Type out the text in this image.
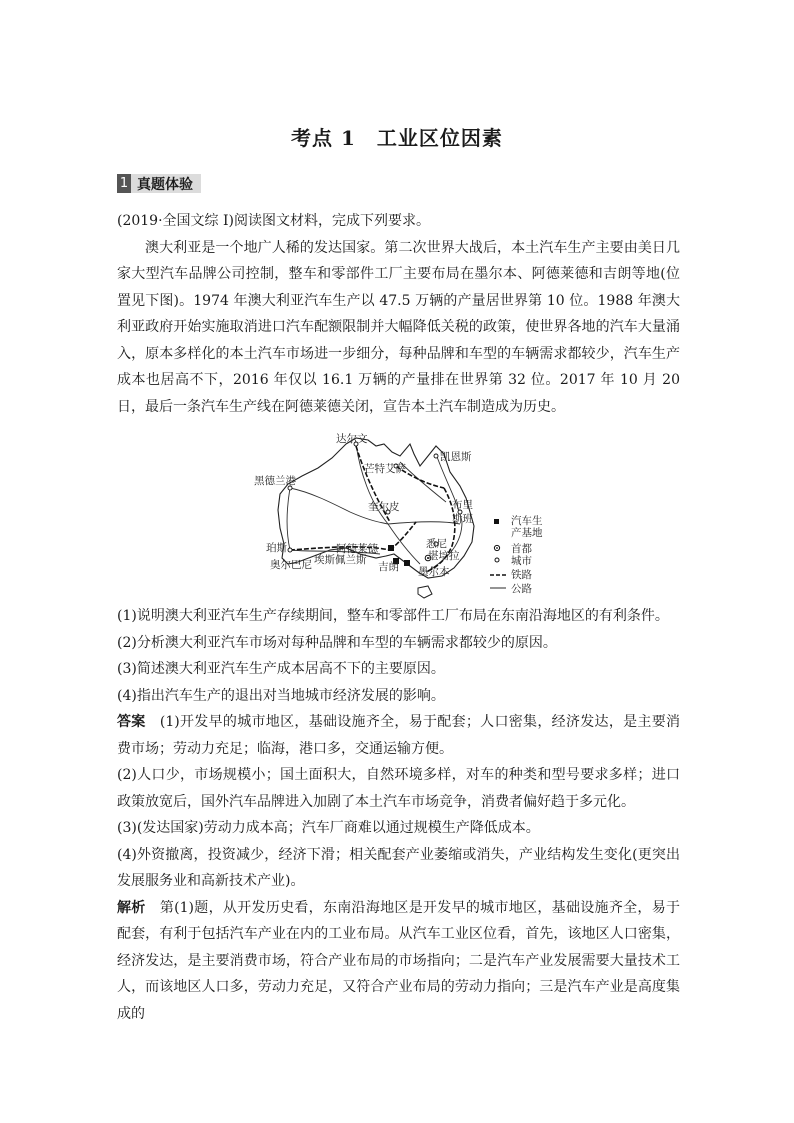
考点 1　工业区位因素
1 真题体验

(2019·全国文综 Ⅰ)阅读图文材料，完成下列要求。

澳大利亚是一个地广人稀的发达国家。第二次世界大战后，本土汽车生产主要由美日几家大型汽车品牌公司控制，整车和零部件工厂主要布局在墨尔本、阿德莱德和吉朗等地(位置见下图)。1974 年澳大利亚汽车生产以 47.5 万辆的产量居世界第 10 位。1988 年澳大利亚政府开始实施取消进口汽车配额限制并大幅降低关税的政策，使世界各地的汽车大量涌入，原本多样化的本土汽车市场进一步细分，每种品牌和车型的车辆需求都较少，汽车生产成本也居高不下，2016 年仅以 16.1 万辆的产量排在世界第 32 位。2017 年 10 月 20 日，最后一条汽车生产线在阿德莱德关闭，宣告本土汽车制造成为历史。

达尔文
黑德兰港
凯恩斯
芒特艾萨
奎尔皮	布里
斯班
珀斯
奥尔巴尼 埃斯佩兰斯
阿德莱德	悉尼
堪培拉
吉朗 墨尔本
汽车生
产基地
首都
城市
铁路
公路

(1)说明澳大利亚汽车生产存续期间，整车和零部件工厂布局在东南沿海地区的有利条件。

(2)分析澳大利亚汽车市场对每种品牌和车型的车辆需求都较少的原因。

(3)简述澳大利亚汽车生产成本居高不下的主要原因。

(4)指出汽车生产的退出对当地城市经济发展的影响。

答案　 (1)开发早的城市地区，基础设施齐全，易于配套；人口密集，经济发达，是主要消费市场；劳动力充足；临海，港口多，交通运输方便。

(2)人口少，市场规模小；国土面积大，自然环境多样，对车的种类和型号要求多样；进口政策放宽后，国外汽车品牌进入加剧了本土汽车市场竞争，消费者偏好趋于多元化。

(3)(发达国家)劳动力成本高；汽车厂商难以通过规模生产降低成本。

(4)外资撤离，投资减少，经济下滑；相关配套产业萎缩或消失，产业结构发生变化(更突出发展服务业和高新技术产业)。

解析　 第(1)题，从开发历史看，东南沿海地区是开发早的城市地区，基础设施齐全，易于配套，有利于包括汽车产业在内的工业布局。从汽车工业区位看，首先，该地区人口密集，经济发达，是主要消费市场，符合产业布局的市场指向；二是汽车产业发展需要大量技术工人，而该地区人口多，劳动力充足，又符合产业布局的劳动力指向；三是汽车产业是高度集成的
